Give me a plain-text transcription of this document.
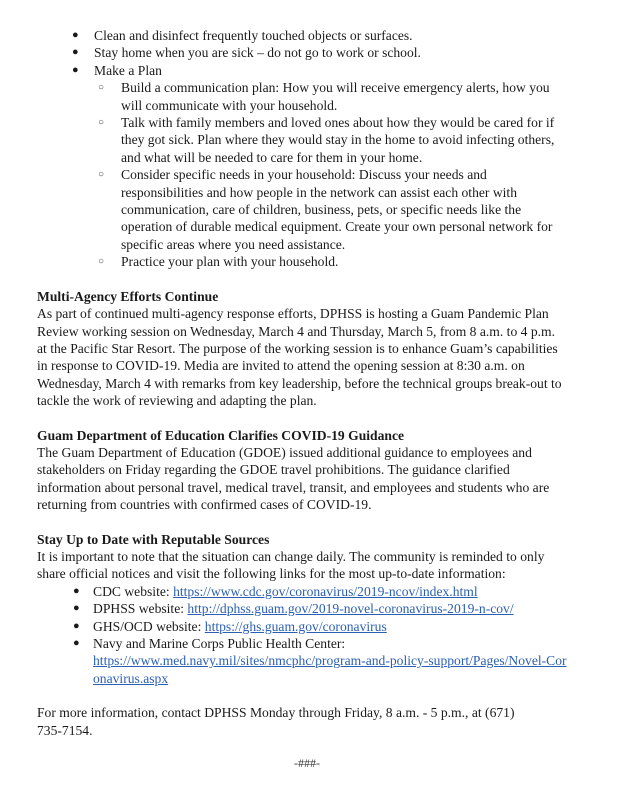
● Clean and disinfect frequently touched objects or surfaces.
● Stay home when you are sick – do not go to work or school.
● Make a Plan
○ Build a communication plan: How you will receive emergency alerts, how you
will communicate with your household.
○ Talk with family members and loved ones about how they would be cared for if
they got sick. Plan where they would stay in the home to avoid infecting others,
and what will be needed to care for them in your home.
○ Consider specific needs in your household: Discuss your needs and
responsibilities and how people in the network can assist each other with
communication, care of children, business, pets, or specific needs like the
operation of durable medical equipment. Create your own personal network for
specific areas where you need assistance.
○ Practice your plan with your household.
Multi-Agency Efforts Continue

As part of continued multi-agency response efforts, DPHSS is hosting a Guam Pandemic Plan
Review working session on Wednesday, March 4 and Thursday, March 5, from 8 a.m. to 4 p.m.
at the Pacific Star Resort. The purpose of the working session is to enhance Guam’s capabilities
in response to COVID-19. Media are invited to attend the opening session at 8:30 a.m. on
Wednesday, March 4 with remarks from key leadership, before the technical groups break-out to
tackle the work of reviewing and adapting the plan.

Guam Department of Education Clarifies COVID-19 Guidance

The Guam Department of Education (GDOE) issued additional guidance to employees and
stakeholders on Friday regarding the GDOE travel prohibitions. The guidance clarified
information about personal travel, medical travel, transit, and employees and students who are
returning from countries with confirmed cases of COVID-19.

Stay Up to Date with Reputable Sources

It is important to note that the situation can change daily. The community is reminded to only
share official notices and visit the following links for the most up-to-date information:

● CDC website: https://www.cdc.gov/coronavirus/2019-ncov/index.html
● DPHSS website: http://dphss.guam.gov/2019-novel-coronavirus-2019-n-cov/
● GHS/OCD website: https://ghs.guam.gov/coronavirus
● Navy and Marine Corps Public Health Center:
https://www.med.navy.mil/sites/nmcphc/program-and-policy-support/Pages/Novel-Cor
onavirus.aspx

For more information, contact DPHSS Monday through Friday, 8 a.m. - 5 p.m., at (671)
735-7154.

-###-
